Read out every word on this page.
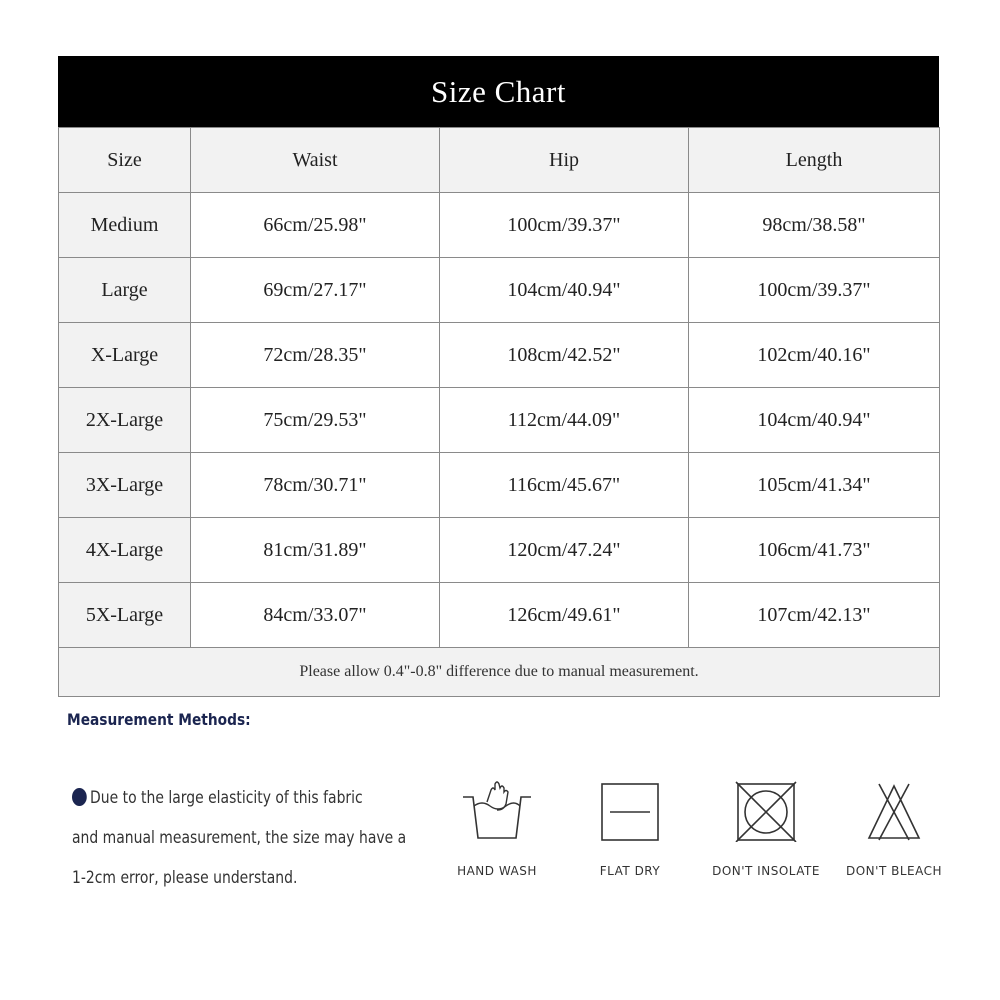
Size Chart
Size	Waist	Hip	Length
Medium	66cm/25.98"	100cm/39.37"	98cm/38.58"
Large	69cm/27.17"	104cm/40.94"	100cm/39.37"
X-Large	72cm/28.35"	108cm/42.52"	102cm/40.16"
2X-Large	75cm/29.53"	112cm/44.09"	104cm/40.94"
3X-Large	78cm/30.71"	116cm/45.67"	105cm/41.34"
4X-Large	81cm/31.89"	120cm/47.24"	106cm/41.73"
5X-Large	84cm/33.07"	126cm/49.61"	107cm/42.13"
Please allow 0.4"-0.8" difference due to manual measurement.			
Measurement Methods:
Due to the large elasticity of this fabric
and manual measurement, the size may have a
1-2cm error, please understand.	HAND WASH	FLAT DRY	DON'T INSOLATE	DON'T BLEACH
